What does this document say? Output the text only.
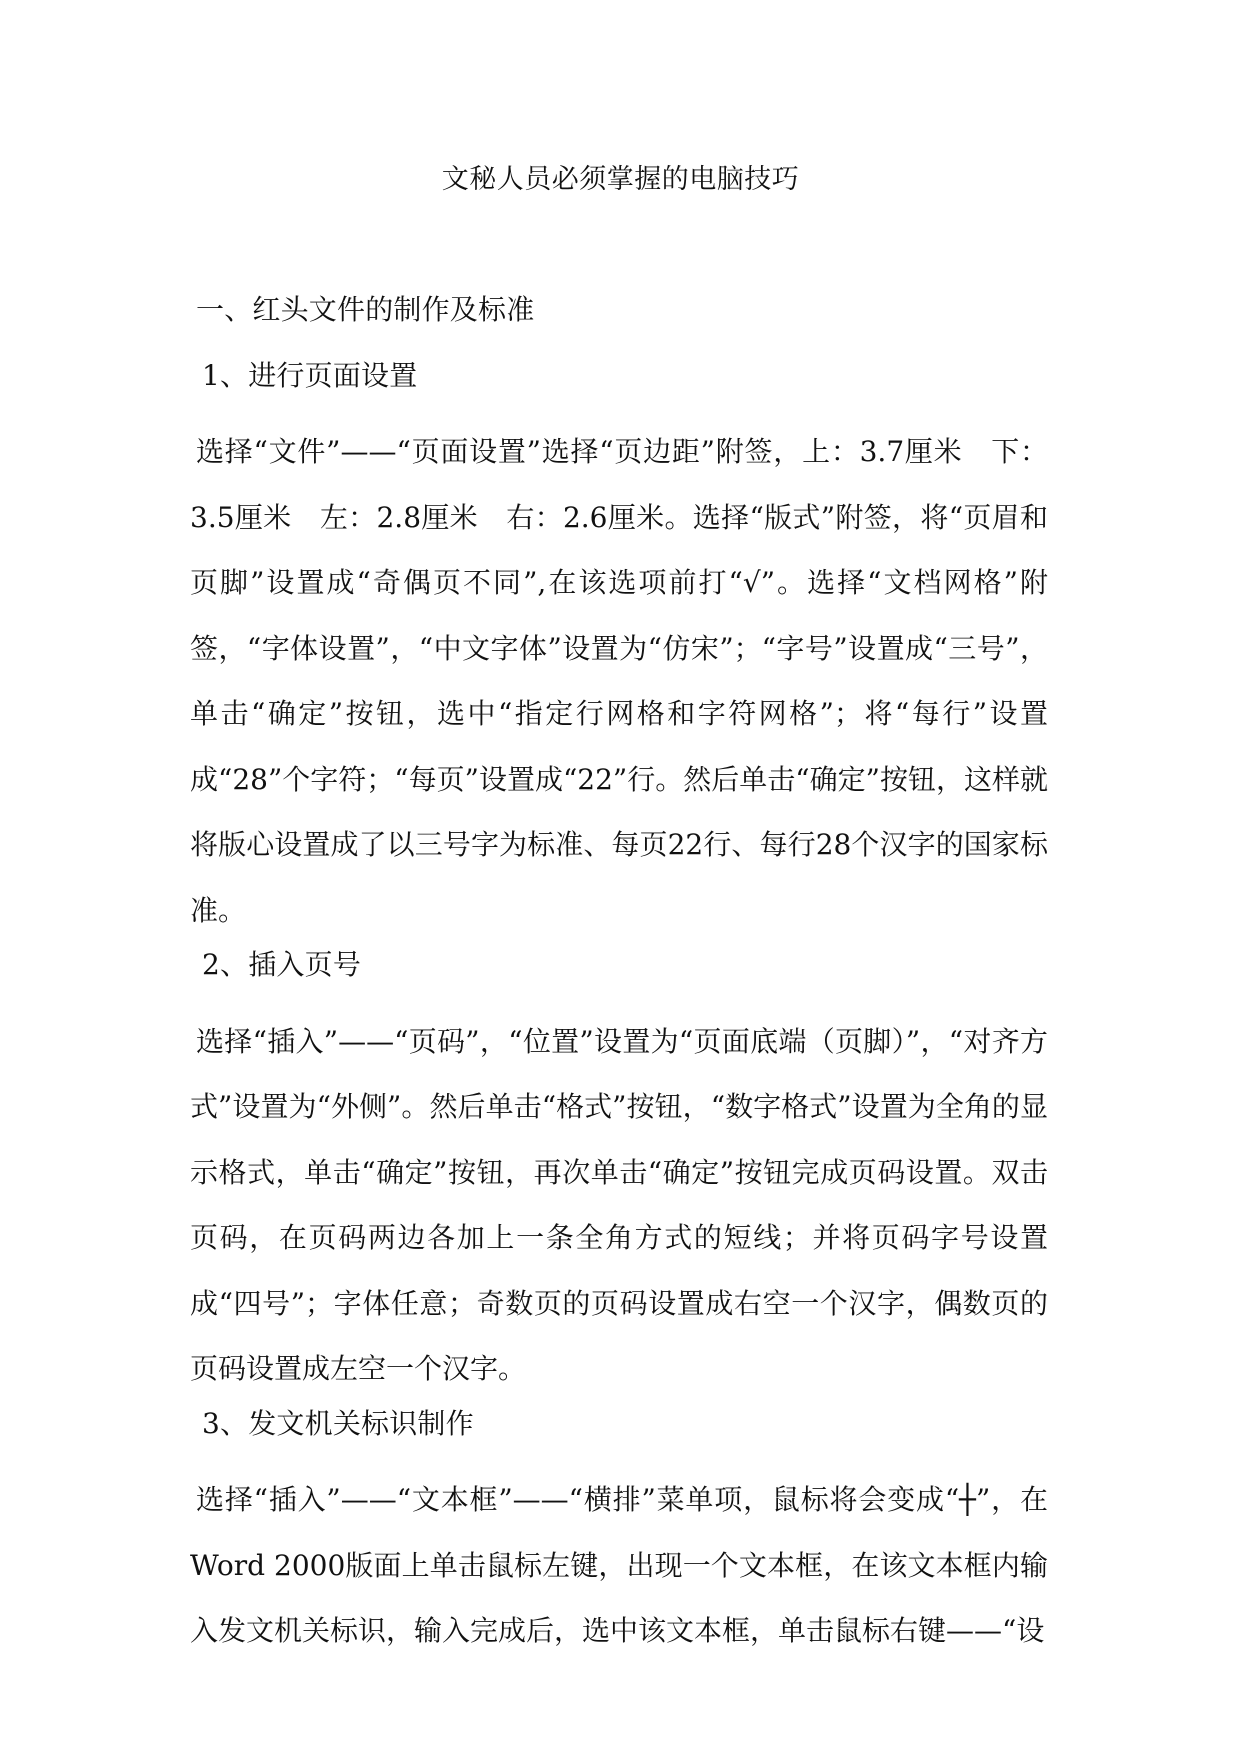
文秘人员必须掌握的电脑技巧
一、红头文件的制作及标准
1、进行页面设置
选择“文件”——“页面设置”选择“页边距”附签，上：3.7厘米　下：3.5厘米　左：2.8厘米　右：2.6厘米。选择“版式”附签，将“页眉和页脚”设置成“奇偶页不同”,在该选项前打“√”。选择“文档网格”附签，“字体设置”，“中文字体”设置为“仿宋”；“字号”设置成“三号”，单击“确定”按钮，选中“指定行网格和字符网格”；将“每行”设置成“28”个字符；“每页”设置成“22”行。然后单击“确定”按钮，这样就将版心设置成了以三号字为标准、每页22行、每行28个汉字的国家标准。
2、插入页号
选择“插入”——“页码”，“位置”设置为“页面底端（页脚）”，“对齐方式”设置为“外侧”。然后单击“格式”按钮，“数字格式”设置为全角的显示格式，单击“确定”按钮，再次单击“确定”按钮完成页码设置。双击页码，在页码两边各加上一条全角方式的短线；并将页码字号设置成“四号”；字体任意；奇数页的页码设置成右空一个汉字，偶数页的页码设置成左空一个汉字。
3、发文机关标识制作
选择“插入”——“文本框”——“横排”菜单项，鼠标将会变成“┼”，在Word 2000版面上单击鼠标左键，出现一个文本框，在该文本框内输入发文机关标识，输入完成后，选中该文本框，单击鼠标右键——“设
